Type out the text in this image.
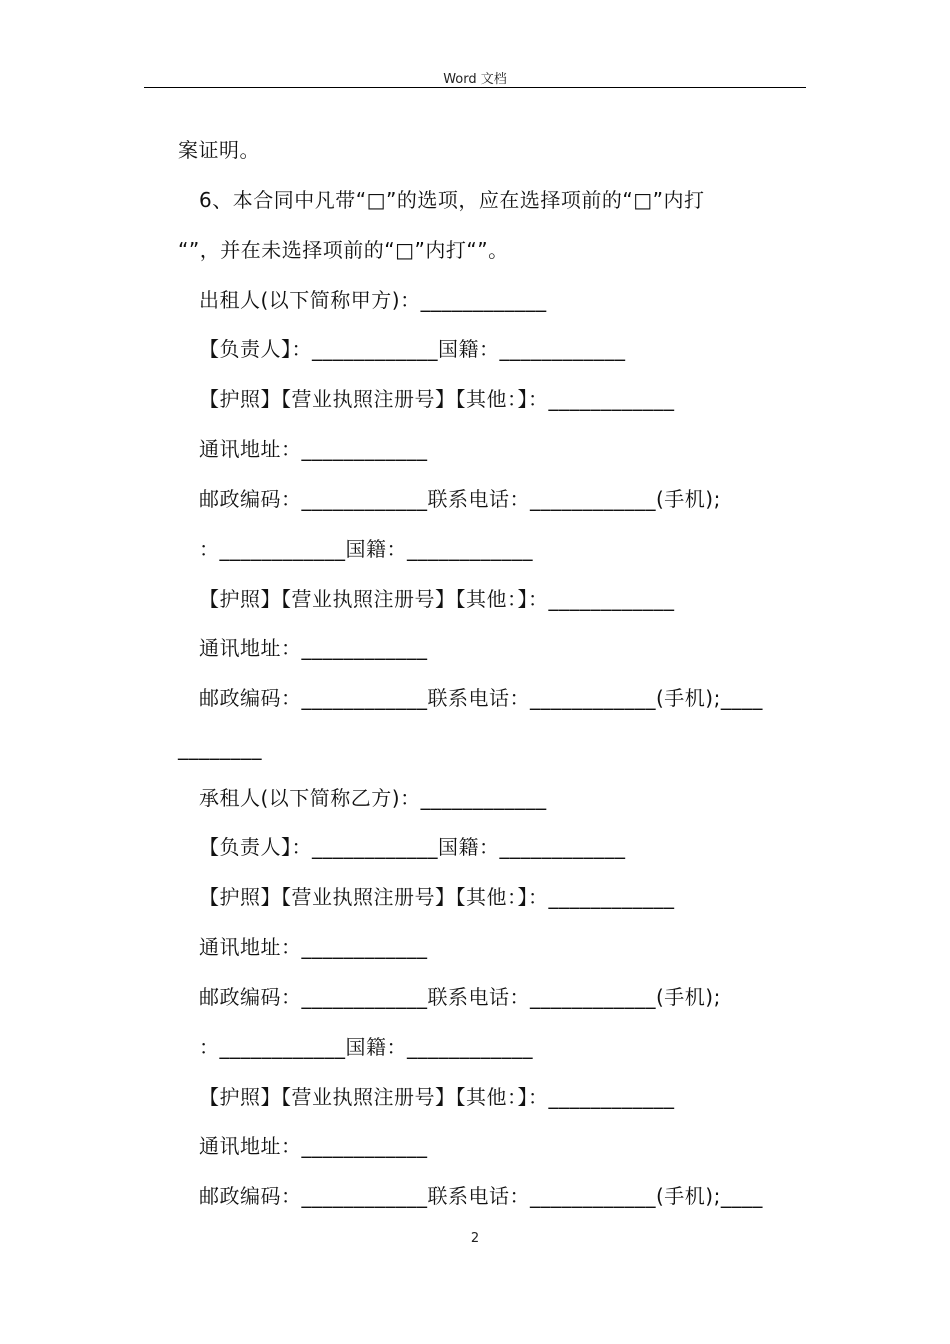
Word 文档
案证明。
6、本合同中凡带“□”的选项，应在选择项前的“□”内打
“”，并在未选择项前的“□”内打“”。
出租人(以下简称甲方)：____________
【负责人】：____________国籍：____________
【护照】【营业执照注册号】【其他：】：____________
通讯地址：____________
邮政编码：____________联系电话：____________(手机);
：____________国籍：____________
【护照】【营业执照注册号】【其他：】：____________
通讯地址：____________
邮政编码：____________联系电话：____________(手机);____
________
承租人(以下简称乙方)：____________
【负责人】：____________国籍：____________
【护照】【营业执照注册号】【其他：】：____________
通讯地址：____________
邮政编码：____________联系电话：____________(手机);
：____________国籍：____________
【护照】【营业执照注册号】【其他：】：____________
通讯地址：____________
邮政编码：____________联系电话：____________(手机);____
2
